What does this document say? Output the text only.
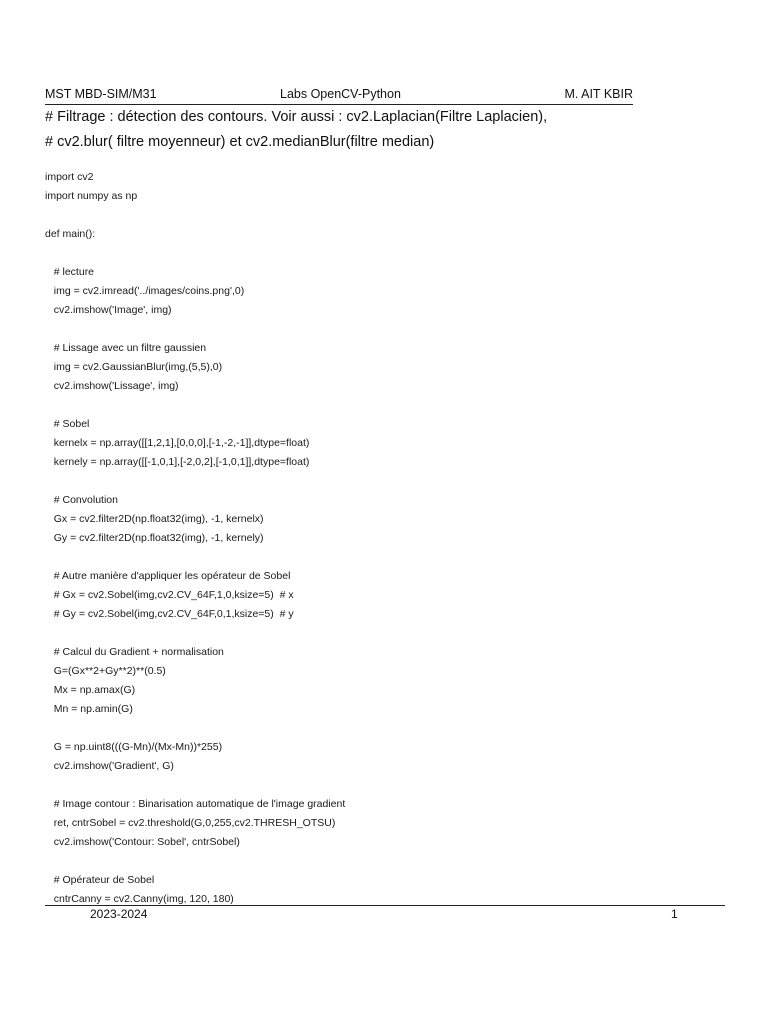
MST MBD-SIM/M31	Labs OpenCV-Python	M. AIT KBIR
# Filtrage : détection des contours. Voir aussi : cv2.Laplacian(Filtre Laplacien),
# cv2.blur( filtre moyenneur) et cv2.medianBlur(filtre median)
import cv2
import numpy as np
def main():
# lecture
img = cv2.imread('../images/coins.png',0)
cv2.imshow('Image', img)
# Lissage avec un filtre gaussien
img = cv2.GaussianBlur(img,(5,5),0)
cv2.imshow('Lissage', img)
# Sobel
kernelx = np.array([[1,2,1],[0,0,0],[-1,-2,-1]],dtype=float)
kernely = np.array([[-1,0,1],[-2,0,2],[-1,0,1]],dtype=float)
# Convolution
Gx = cv2.filter2D(np.float32(img), -1, kernelx)
Gy = cv2.filter2D(np.float32(img), -1, kernely)
# Autre manière d'appliquer les opérateur de Sobel
# Gx = cv2.Sobel(img,cv2.CV_64F,1,0,ksize=5)  # x
# Gy = cv2.Sobel(img,cv2.CV_64F,0,1,ksize=5)  # y
# Calcul du Gradient + normalisation
G=(Gx**2+Gy**2)**(0.5)
Mx = np.amax(G)
Mn = np.amin(G)
G = np.uint8(((G-Mn)/(Mx-Mn))*255)
cv2.imshow('Gradient', G)
# Image contour : Binarisation automatique de l'image gradient
ret, cntrSobel = cv2.threshold(G,0,255,cv2.THRESH_OTSU)
cv2.imshow('Contour: Sobel', cntrSobel)
# Opérateur de Sobel
cntrCanny = cv2.Canny(img, 120, 180)
2023-2024	1
